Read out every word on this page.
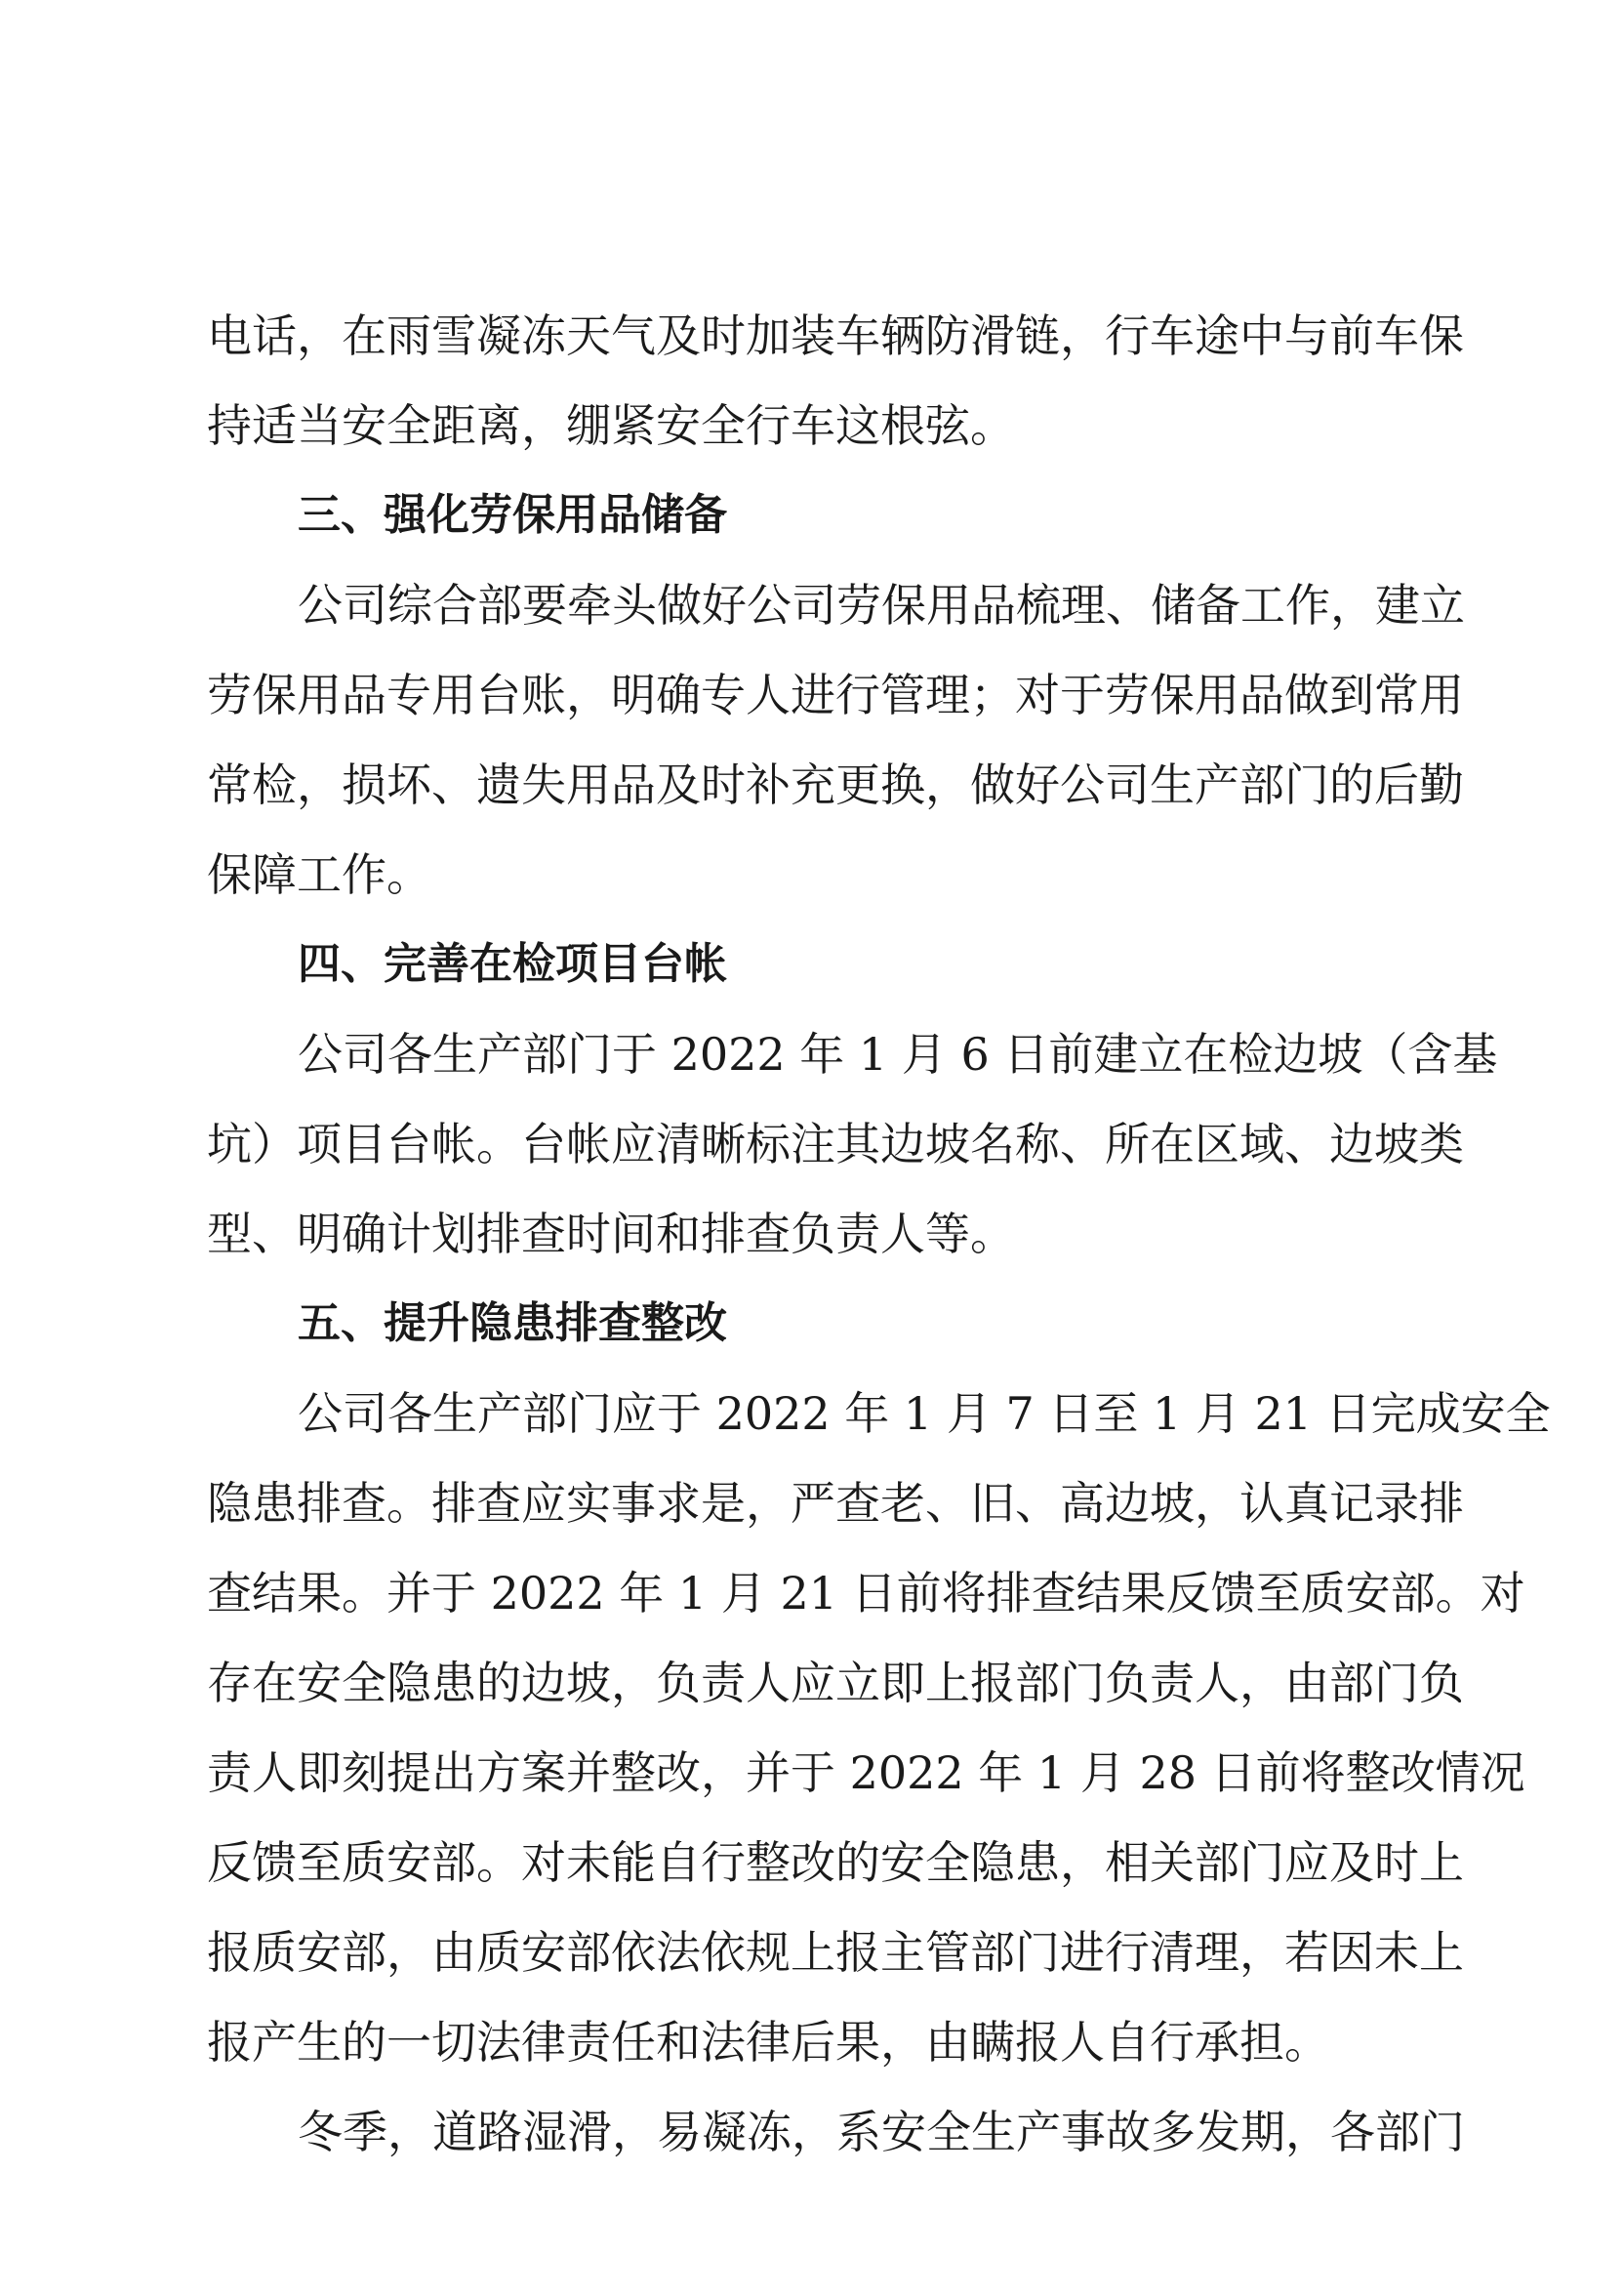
电话，在雨雪凝冻天气及时加装车辆防滑链，行车途中与前车保
持适当安全距离，绷紧安全行车这根弦。
三、强化劳保用品储备
公司综合部要牵头做好公司劳保用品梳理、储备工作，建立
劳保用品专用台账，明确专人进行管理；对于劳保用品做到常用
常检，损坏、遗失用品及时补充更换，做好公司生产部门的后勤
保障工作。
四、完善在检项目台帐
公司各生产部门于 2022 年 1 月 6 日前建立在检边坡（含基
坑）项目台帐。台帐应清晰标注其边坡名称、所在区域、边坡类
型、明确计划排查时间和排查负责人等。
五、提升隐患排查整改
公司各生产部门应于 2022 年 1 月 7 日至 1 月 21 日完成安全
隐患排查。排查应实事求是，严查老、旧、高边坡，认真记录排
查结果。并于 2022 年 1 月 21 日前将排查结果反馈至质安部。对
存在安全隐患的边坡，负责人应立即上报部门负责人，由部门负
责人即刻提出方案并整改，并于 2022 年 1 月 28 日前将整改情况
反馈至质安部。对未能自行整改的安全隐患，相关部门应及时上
报质安部，由质安部依法依规上报主管部门进行清理，若因未上
报产生的一切法律责任和法律后果，由瞒报人自行承担。
冬季，道路湿滑，易凝冻，系安全生产事故多发期，各部门
